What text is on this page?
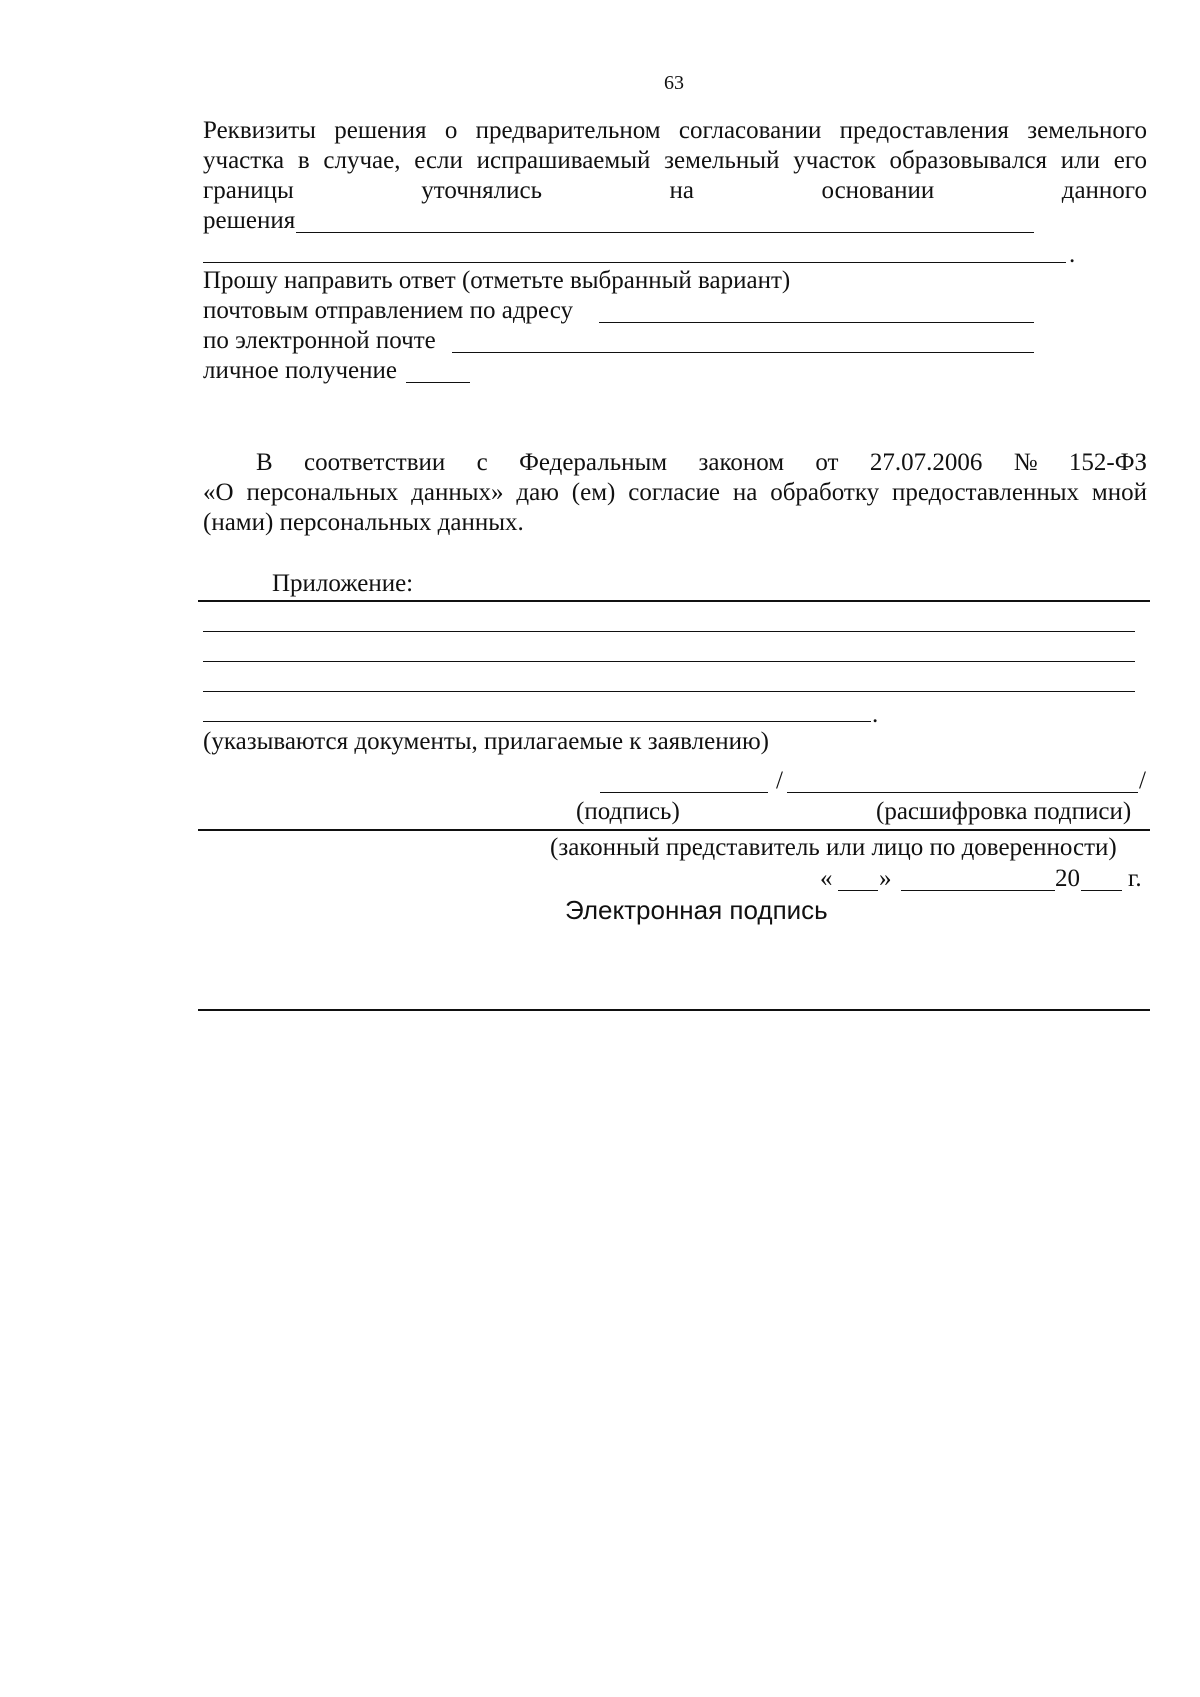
63
Реквизиты решения о предварительном согласовании предоставления земельного
участка в случае, если испрашиваемый земельный участок образовывался или его
границы	уточнялись	на	основании	данного
решения
.
Прошу направить ответ (отметьте выбранный вариант)
почтовым отправлением по адресу
по электронной почте
личное получение
В соответствии с Федеральным законом от 27.07.2006 № 152-ФЗ
«О персональных данных» даю (ем) согласие на обработку предоставленных мной
(нами) персональных данных.
Приложение:
.
(указываются документы, прилагаемые к заявлению)
/	/
(подпись)	(расшифровка подписи)
(законный представитель или лицо по доверенности)
« »	20 г.
Электронная подпись
